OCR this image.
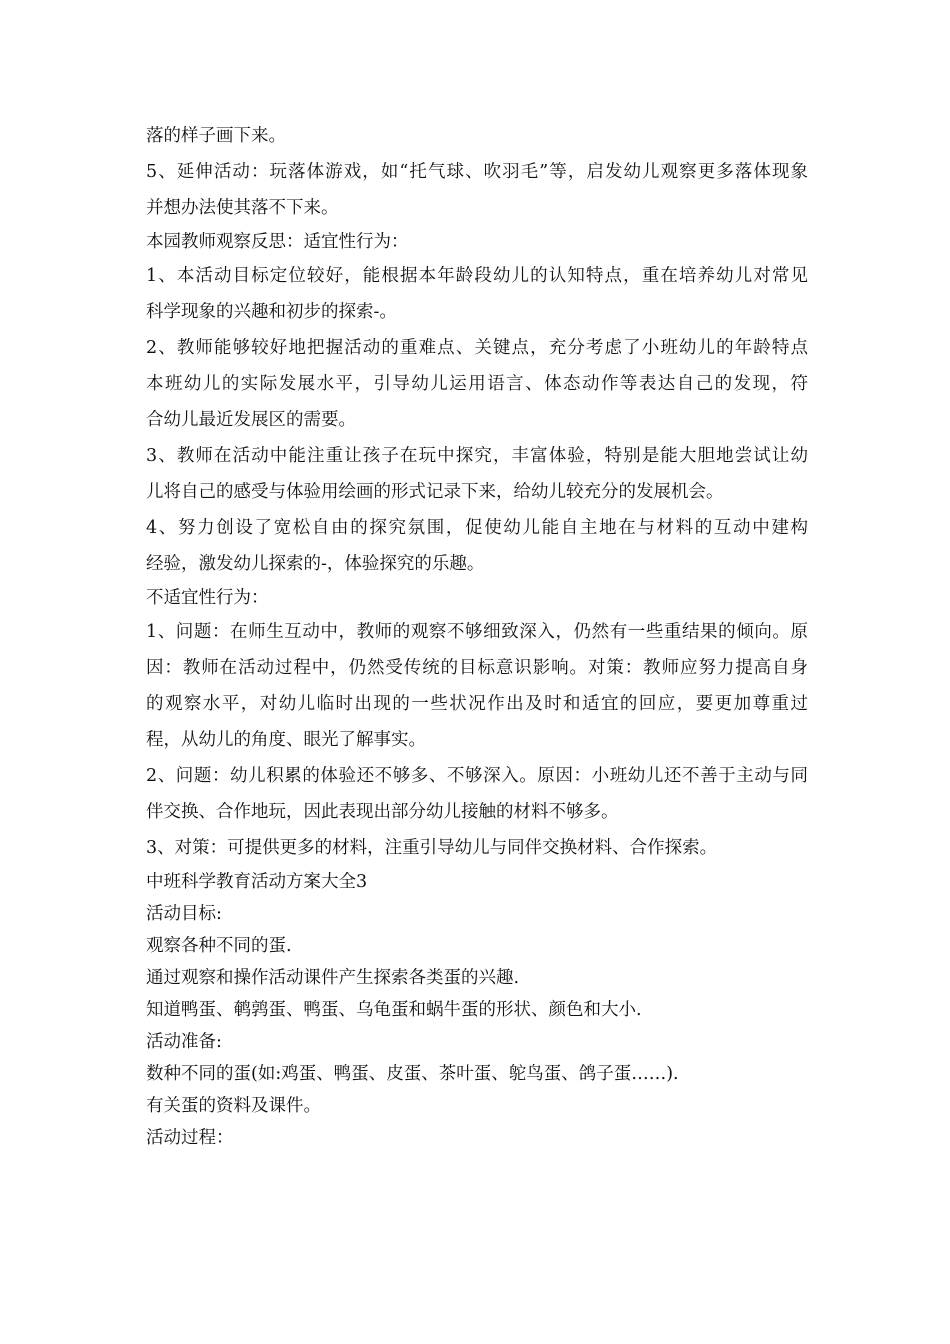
落的样子画下来。
5、延伸活动：玩落体游戏，如“托气球、吹羽毛”等，启发幼儿观察更多落体现象
并想办法使其落不下来。
本园教师观察反思：适宜性行为：
1、本活动目标定位较好，能根据本年龄段幼儿的认知特点，重在培养幼儿对常见
科学现象的兴趣和初步的探索-。
2、教师能够较好地把握活动的重难点、关键点，充分考虑了小班幼儿的年龄特点
本班幼儿的实际发展水平，引导幼儿运用语言、体态动作等表达自己的发现，符
合幼儿最近发展区的需要。
3、教师在活动中能注重让孩子在玩中探究，丰富体验，特别是能大胆地尝试让幼
儿将自己的感受与体验用绘画的形式记录下来，给幼儿较充分的发展机会。
4、努力创设了宽松自由的探究氛围，促使幼儿能自主地在与材料的互动中建构
经验，激发幼儿探索的-，体验探究的乐趣。
不适宜性行为：
1、问题：在师生互动中，教师的观察不够细致深入，仍然有一些重结果的倾向。原
因：教师在活动过程中，仍然受传统的目标意识影响。对策：教师应努力提高自身
的观察水平，对幼儿临时出现的一些状况作出及时和适宜的回应，要更加尊重过
程，从幼儿的角度、眼光了解事实。
2、问题：幼儿积累的体验还不够多、不够深入。原因：小班幼儿还不善于主动与同
伴交换、合作地玩，因此表现出部分幼儿接触的材料不够多。
3、对策：可提供更多的材料，注重引导幼儿与同伴交换材料、合作探索。
中班科学教育活动方案大全3
活动目标:
观察各种不同的蛋.
通过观察和操作活动课件产生探索各类蛋的兴趣.
知道鸭蛋、鹌鹑蛋、鸭蛋、乌龟蛋和蜗牛蛋的形状、颜色和大小.
活动准备:
数种不同的蛋(如:鸡蛋、鸭蛋、皮蛋、茶叶蛋、鸵鸟蛋、鸽子蛋……).
有关蛋的资料及课件。
活动过程：
